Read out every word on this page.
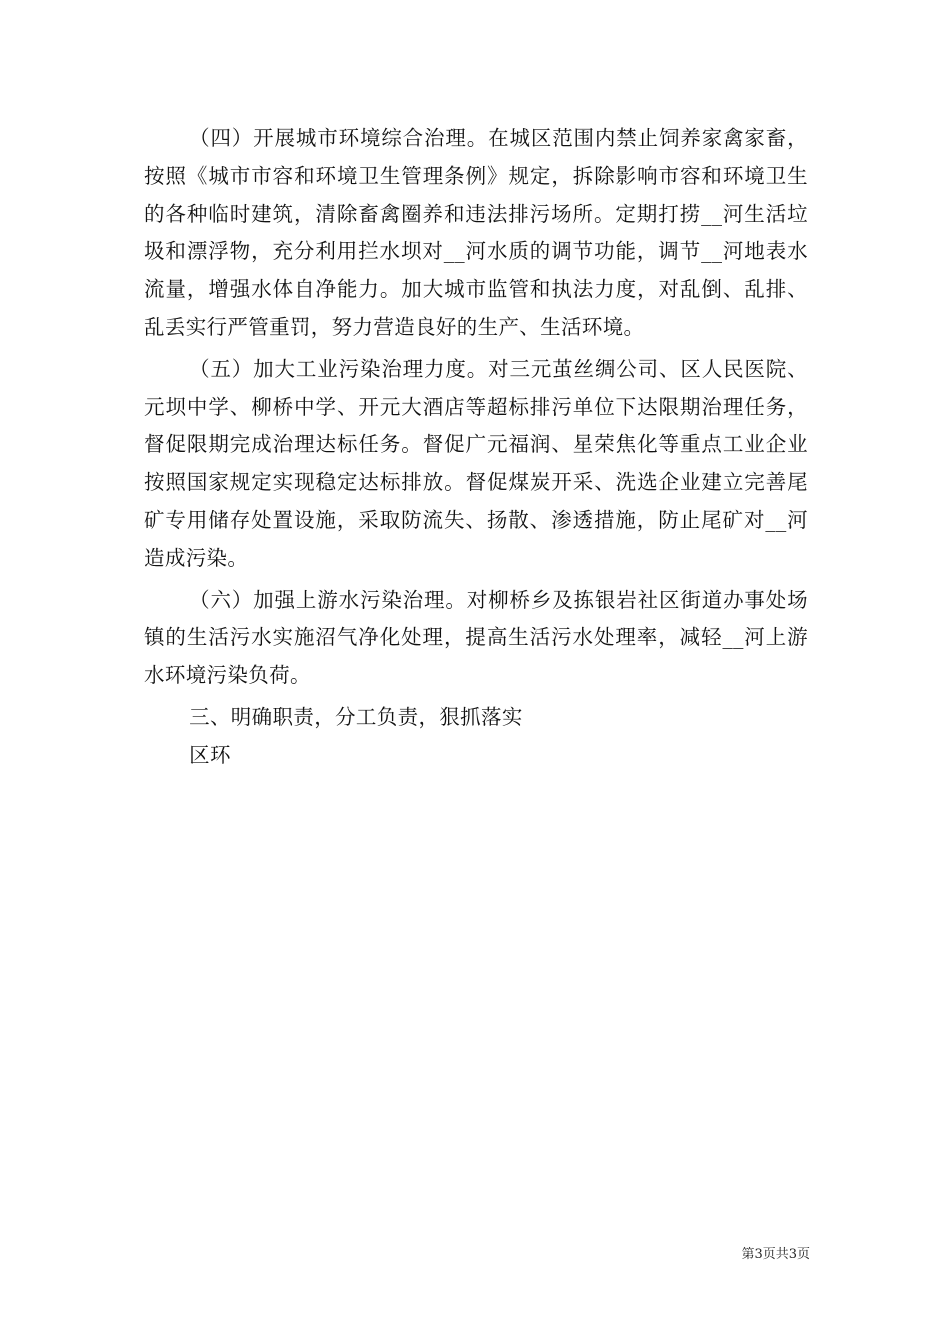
（四）开展城市环境综合治理。在城区范围内禁止饲养家禽家畜，按照《城市市容和环境卫生管理条例》规定，拆除影响市容和环境卫生的各种临时建筑，清除畜禽圈养和违法排污场所。定期打捞__河生活垃圾和漂浮物，充分利用拦水坝对__河水质的调节功能，调节__河地表水流量，增强水体自净能力。加大城市监管和执法力度，对乱倒、乱排、乱丢实行严管重罚，努力营造良好的生产、生活环境。

（五）加大工业污染治理力度。对三元茧丝绸公司、区人民医院、元坝中学、柳桥中学、开元大酒店等超标排污单位下达限期治理任务，督促限期完成治理达标任务。督促广元福润、星荣焦化等重点工业企业按照国家规定实现稳定达标排放。督促煤炭开采、洗选企业建立完善尾矿专用储存处置设施，采取防流失、扬散、渗透措施，防止尾矿对__河造成污染。

（六）加强上游水污染治理。对柳桥乡及拣银岩社区街道办事处场镇的生活污水实施沼气净化处理，提高生活污水处理率，减轻__河上游水环境污染负荷。

三、明确职责，分工负责，狠抓落实

区环

第3页共3页
